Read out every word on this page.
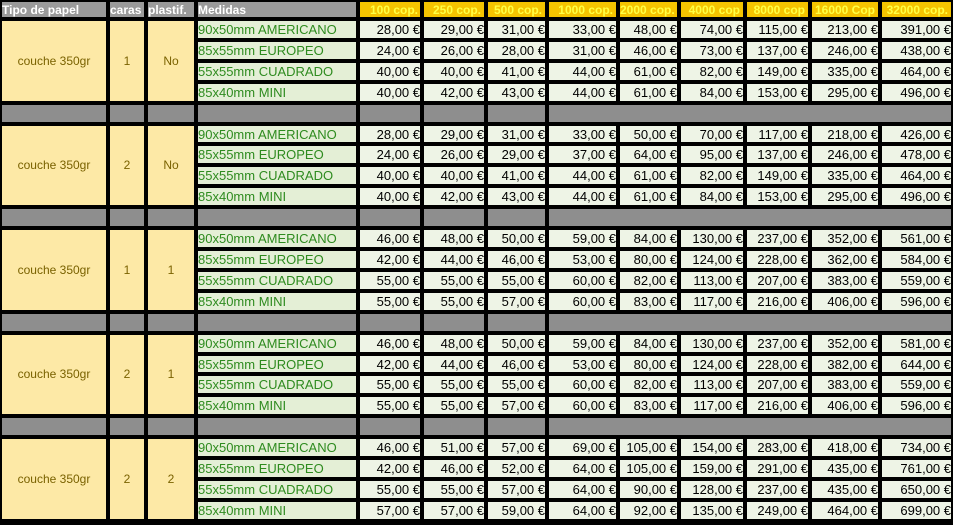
Tipo de papel	caras	plastif.	Medidas	100 cop.	250 cop.	500 cop.	1000 cop.	2000 cop.	4000 cop	8000 cop	16000 Cop	32000 cop.
couche 350gr	1	No	90x50mm AMERICANO	28,00 €	29,00 €	31,00 €	33,00 €	48,00 €	74,00 €	115,00 €	213,00 €	391,00 €
			85x55mm EUROPEO	24,00 €	26,00 €	28,00 €	31,00 €	46,00 €	73,00 €	137,00 €	246,00 €	438,00 €
			55x55mm CUADRADO	40,00 €	40,00 €	41,00 €	44,00 €	61,00 €	82,00 €	149,00 €	335,00 €	464,00 €
			85x40mm MINI	40,00 €	42,00 €	43,00 €	44,00 €	61,00 €	84,00 €	153,00 €	295,00 €	496,00 €

couche 350gr	2	No	90x50mm AMERICANO	28,00 €	29,00 €	31,00 €	33,00 €	50,00 €	70,00 €	117,00 €	218,00 €	426,00 €
			85x55mm EUROPEO	24,00 €	26,00 €	29,00 €	37,00 €	64,00 €	95,00 €	137,00 €	246,00 €	478,00 €
			55x55mm CUADRADO	40,00 €	40,00 €	41,00 €	44,00 €	61,00 €	82,00 €	149,00 €	335,00 €	464,00 €
			85x40mm MINI	40,00 €	42,00 €	43,00 €	44,00 €	61,00 €	84,00 €	153,00 €	295,00 €	496,00 €

couche 350gr	1	1	90x50mm AMERICANO	46,00 €	48,00 €	50,00 €	59,00 €	84,00 €	130,00 €	237,00 €	352,00 €	561,00 €
			85x55mm EUROPEO	42,00 €	44,00 €	46,00 €	53,00 €	80,00 €	124,00 €	228,00 €	362,00 €	584,00 €
			55x55mm CUADRADO	55,00 €	55,00 €	55,00 €	60,00 €	82,00 €	113,00 €	207,00 €	383,00 €	559,00 €
			85x40mm MINI	55,00 €	55,00 €	57,00 €	60,00 €	83,00 €	117,00 €	216,00 €	406,00 €	596,00 €

couche 350gr	2	1	90x50mm AMERICANO	46,00 €	48,00 €	50,00 €	59,00 €	84,00 €	130,00 €	237,00 €	352,00 €	581,00 €
			85x55mm EUROPEO	42,00 €	44,00 €	46,00 €	53,00 €	80,00 €	124,00 €	228,00 €	382,00 €	644,00 €
			55x55mm CUADRADO	55,00 €	55,00 €	55,00 €	60,00 €	82,00 €	113,00 €	207,00 €	383,00 €	559,00 €
			85x40mm MINI	55,00 €	55,00 €	57,00 €	60,00 €	83,00 €	117,00 €	216,00 €	406,00 €	596,00 €

couche 350gr	2	2	90x50mm AMERICANO	46,00 €	51,00 €	57,00 €	69,00 €	105,00 €	154,00 €	283,00 €	418,00 €	734,00 €
			85x55mm EUROPEO	42,00 €	46,00 €	52,00 €	64,00 €	105,00 €	159,00 €	291,00 €	435,00 €	761,00 €
			55x55mm CUADRADO	55,00 €	55,00 €	57,00 €	64,00 €	90,00 €	128,00 €	237,00 €	435,00 €	650,00 €
			85x40mm MINI	57,00 €	57,00 €	59,00 €	64,00 €	92,00 €	135,00 €	249,00 €	464,00 €	699,00 €
